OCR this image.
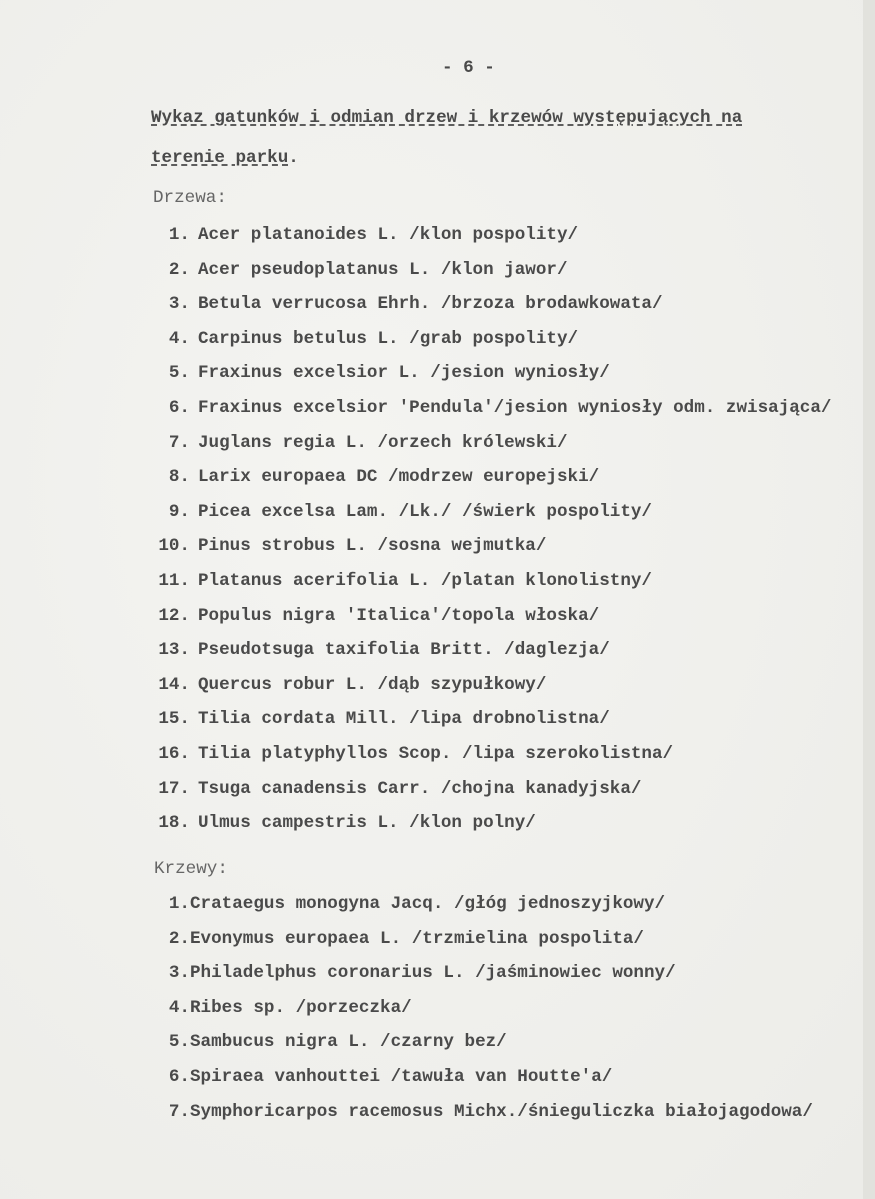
- 6 -
Wykaz gatunków i odmian drzew i krzewów występujących na
terenie parku.
Drzewa:
1. Acer platanoides L. /klon pospolity/
2. Acer pseudoplatanus L. /klon jawor/
3. Betula verrucosa Ehrh. /brzoza brodawkowata/
4. Carpinus betulus L. /grab pospolity/
5. Fraxinus excelsior L. /jesion wyniosły/
6. Fraxinus excelsior 'Pendula'/jesion wyniosły odm. zwisająca/
7. Juglans regia L. /orzech królewski/
8. Larix europaea DC /modrzew europejski/
9. Picea excelsa Lam. /Lk./ /świerk pospolity/
10. Pinus strobus L. /sosna wejmutka/
11. Platanus acerifolia L. /platan klonolistny/
12. Populus nigra 'Italica'/topola włoska/
13. Pseudotsuga taxifolia Britt. /daglezja/
14. Quercus robur L. /dąb szypułkowy/
15. Tilia cordata Mill. /lipa drobnolistna/
16. Tilia platyphyllos Scop. /lipa szerokolistna/
17. Tsuga canadensis Carr. /chojna kanadyjska/
18. Ulmus campestris L. /klon polny/
Krzewy:
1. Crataegus monogyna Jacq. /głóg jednoszyjkowy/
2. Evonymus europaea L. /trzmielina pospolita/
3. Philadelphus coronarius L. /jaśminowiec wonny/
4. Ribes sp. /porzeczka/
5. Sambucus nigra L. /czarny bez/
6. Spiraea vanhouttei /tawuła van Houtte'a/
7. Symphoricarpos racemosus Michx./śnieguliczka białojagodowa/
